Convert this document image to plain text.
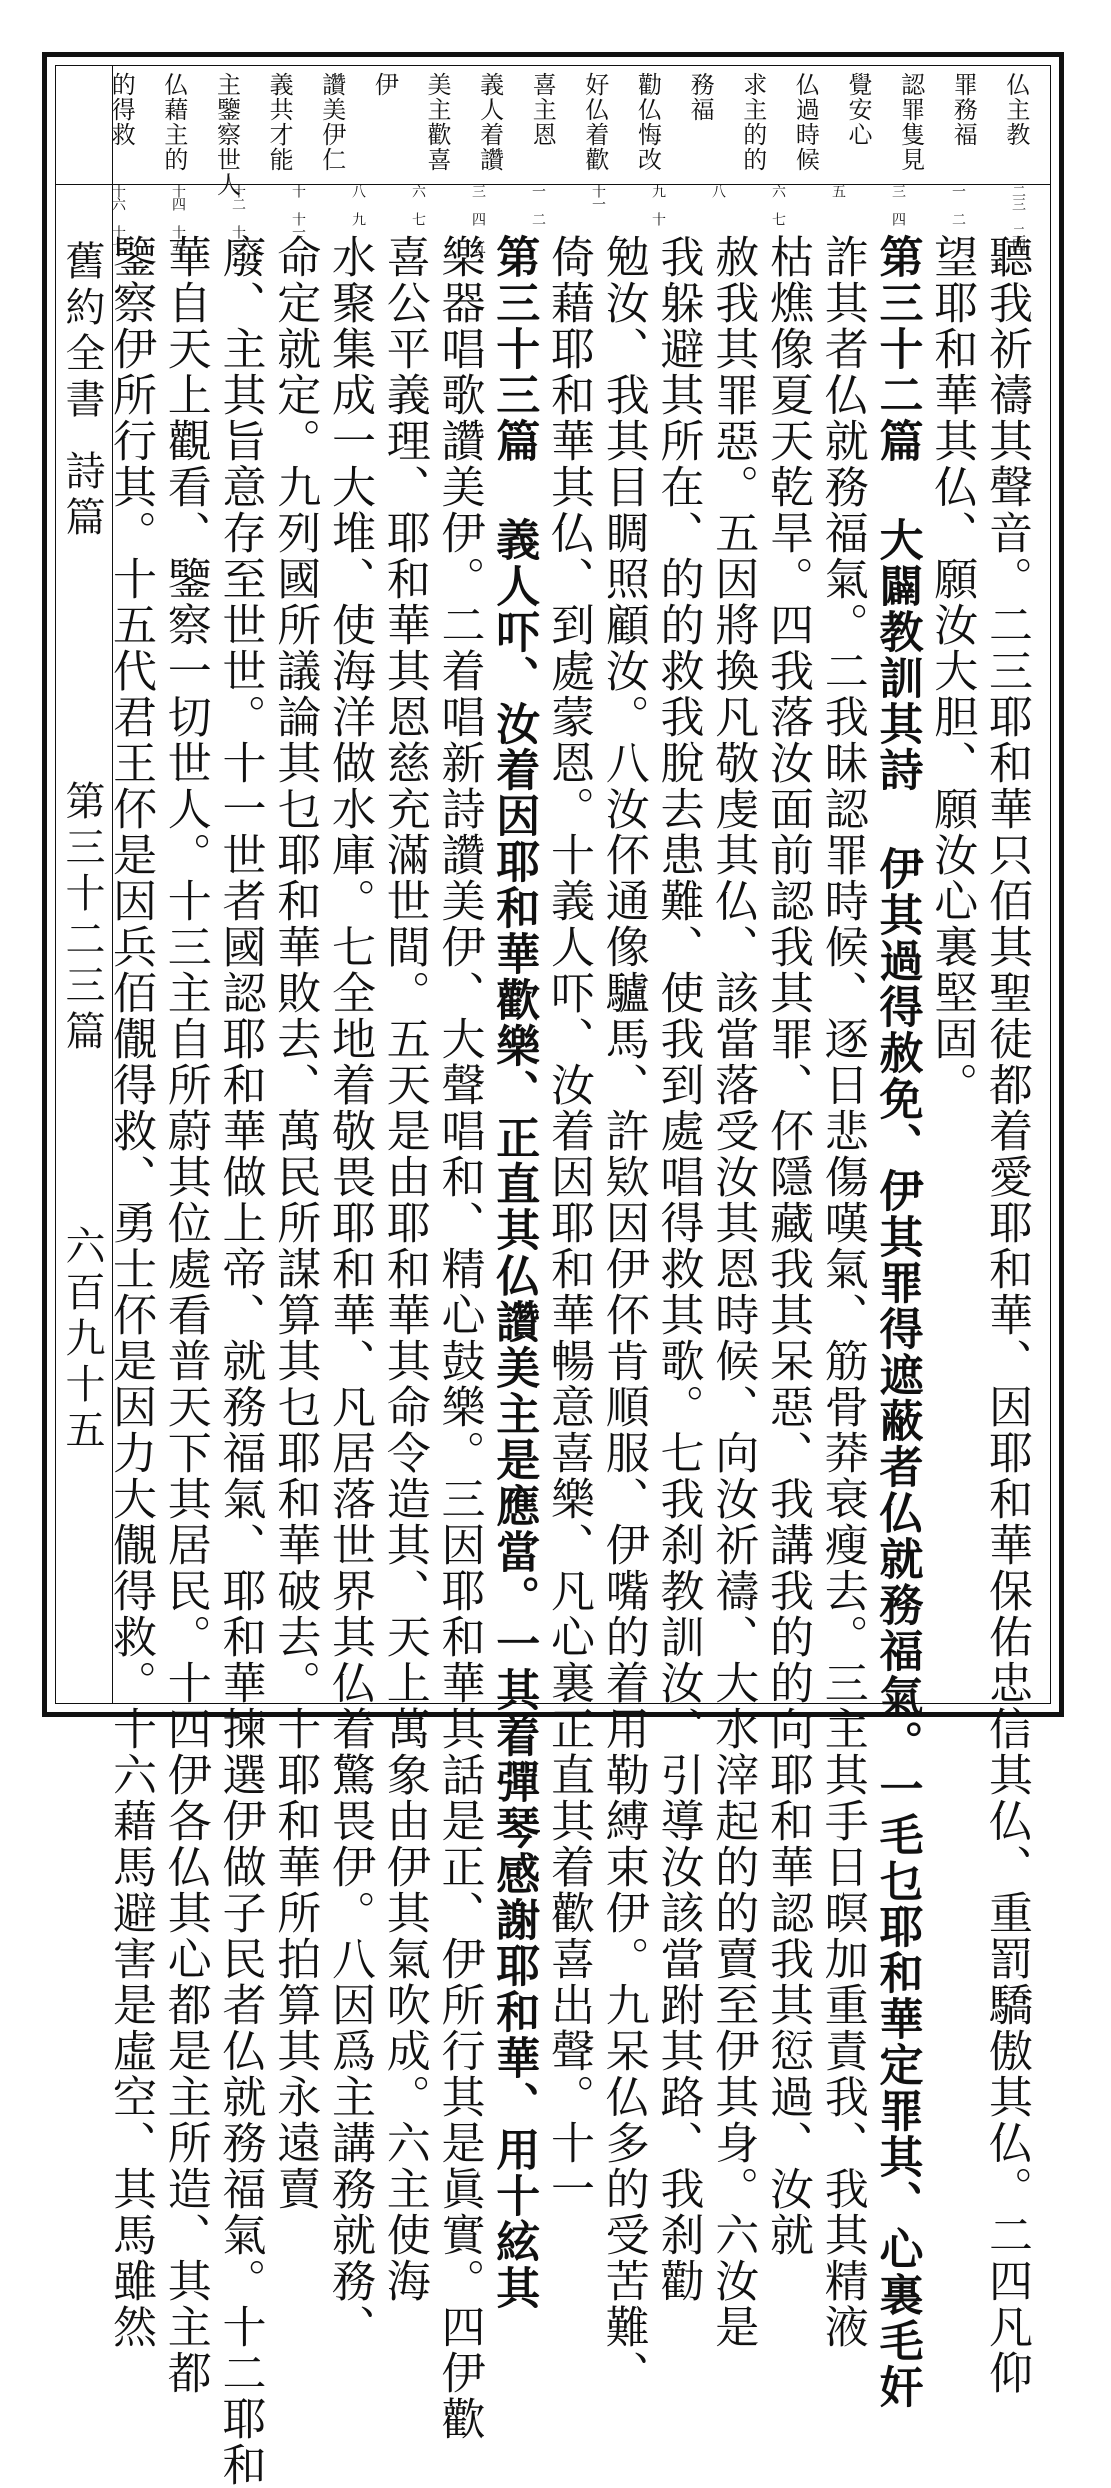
舊約全書
詩篇
第三十二三篇
六百九十五
仏主教
罪務福
認罪隻見
覺安心
仏過時候
求主的的
務福
勸仏悔改
好仏着歡
喜主恩
義人着讚
美主歡喜
伊
讚美伊仁
義共才能
主鑒察世人
仏藉主的
的得救
二三 二四
一 二
三 四
五
六 七
八
九 十
十一
一 二
三 四 五
六 七
八 九
十 十一
十二 十三
十四 十五
十六 十七
聽我祈禱其聲音。二三耶和華只佰其聖徒都着愛耶和華、因耶和華保佑忠信其仏、重罰驕傲其仏。二四凡仰
望耶和華其仏、願汝大胆、願汝心裏堅固。
第三十二篇 大闢教訓其詩 伊其過得赦免、伊其罪得遮蔽者仏就務福氣。一毛乜耶和華定罪其、心裏毛奸
詐其者仏就務福氣。二我昧認罪時候、逐日悲傷嘆氣、筋骨莽衰瘦去。三主其手日暝加重責我、我其精液
枯燋像夏天乾旱。四我落汝面前認我其罪、伓隱藏我其呆惡、我講我的的向耶和華認我其愆過、汝就
赦我其罪惡。五因將換凡敬虔其仏、該當落受汝其恩時候、向汝祈禱、大水滓起的的賣至伊其身。六汝是
我躲避其所在、的的救我脫去患難、使我到處唱得救其歌。七我刹教訓汝、引導汝該當跗其路、我刹勸
勉汝、我其目睭照顧汝。八汝伓通像驢馬、許欵因伊伓肯順服、伊嘴的着用勒縛束伊。九呆仏多的受苦難、
倚藉耶和華其仏、到處蒙恩。十義人吓、汝着因耶和華暢意喜樂、凡心裏正直其着歡喜出聲。十一
第三十三篇 義人吓、汝着因耶和華歡樂、正直其仏讚美主是應當。一其着彈琴感謝耶和華、用十絃其
樂器唱歌讚美伊。二着唱新詩讚美伊、大聲唱和、精心鼓樂。三因耶和華其話是正、伊所行其是眞實。四伊歡
喜公平義理、耶和華其恩慈充滿世間。五天是由耶和華其命令造其、天上萬象由伊其氣吹成。六主使海
水聚集成一大堆、使海洋做水庫。七全地着敬畏耶和華、凡居落世界其仏着驚畏伊。八因爲主講務就務、
命定就定。九列國所議論其乜耶和華敗去、萬民所謀算其乜耶和華破去。十耶和華所拍算其永遠賣
廢、主其旨意存至世世。十一世者國認耶和華做上帝、就務福氣、耶和華揀選伊做子民者仏就務福氣。十二耶和
華自天上觀看、鑒察一切世人。十三主自所蔚其位處看普天下其居民。十四伊各仏其心都是主所造、其主都
鑒察伊所行其。十五代君王伓是因兵佰儬得救、勇士伓是因力大儬得救。十六藉馬避害是虛空、其馬雖然
